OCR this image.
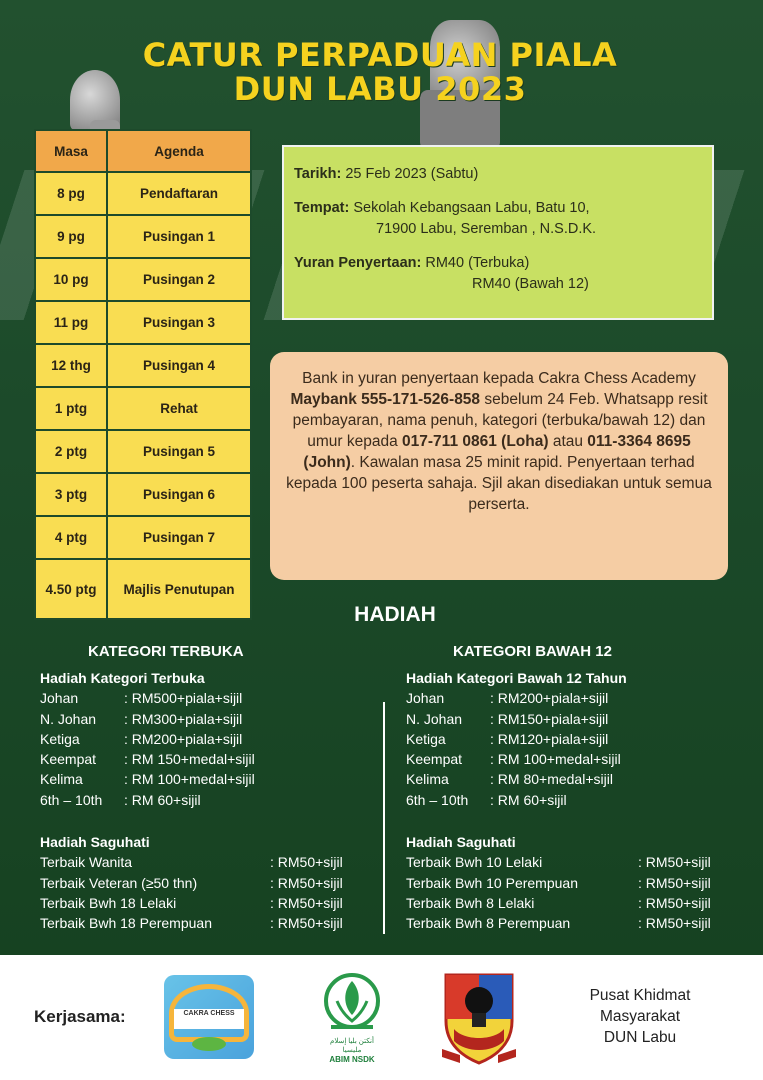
CATUR PERPADUAN PIALA
DUN LABU 2023
Masa	Agenda
8 pg	Pendaftaran
9 pg	Pusingan 1
10 pg	Pusingan 2
11 pg	Pusingan 3
12 thg	Pusingan 4
1 ptg	Rehat
2 ptg	Pusingan 5
3 ptg	Pusingan 6
4 ptg	Pusingan 7
4.50 ptg	Majlis Penutupan
Tarikh: 25 Feb 2023 (Sabtu)
Tempat: Sekolah Kebangsaan Labu, Batu 10,
71900 Labu, Seremban , N.S.D.K.
Yuran Penyertaan: RM40 (Terbuka)
RM40 (Bawah 12)
Bank in yuran penyertaan kepada Cakra Chess Academy Maybank 555-171-526-858 sebelum 24 Feb. Whatsapp resit pembayaran, nama penuh, kategori (terbuka/bawah 12) dan umur kepada 017-711 0861 (Loha) atau 011-3364 8695 (John). Kawalan masa 25 minit rapid. Penyertaan terhad kepada 100 peserta sahaja. Sjil akan disediakan untuk semua perserta.
HADIAH
KATEGORI TERBUKA	KATEGORI BAWAH 12
Hadiah Kategori Terbuka
Johan	: RM500+piala+sijil
N. Johan : RM300+piala+sijil
Ketiga	: RM200+piala+sijil
Keempat : RM 150+medal+sijil
Kelima	: RM 100+medal+sijil
6th – 10th : RM 60+sijil
Hadiah Saguhati
Terbaik Wanita	: RM50+sijil
Terbaik Veteran (≥50 thn)	: RM50+sijil
Terbaik Bwh 18 Lelaki	: RM50+sijil
Terbaik Bwh 18 Perempuan	: RM50+sijil
Hadiah Kategori Bawah 12 Tahun
Johan	: RM200+piala+sijil
N. Johan : RM150+piala+sijil
Ketiga	: RM120+piala+sijil
Keempat : RM 100+medal+sijil
Kelima	: RM 80+medal+sijil
6th – 10th : RM 60+sijil
Hadiah Saguhati
Terbaik Bwh 10 Lelaki	: RM50+sijil
Terbaik Bwh 10 Perempuan	: RM50+sijil
Terbaik Bwh 8 Lelaki	: RM50+sijil
Terbaik Bwh 8 Perempuan	: RM50+sijil
Kerjasama:	CAKRA CHESS
أنكتن بليا إسلام مليسيا
ABIM NSDK
Pusat Khidmat
Masyarakat
DUN Labu
